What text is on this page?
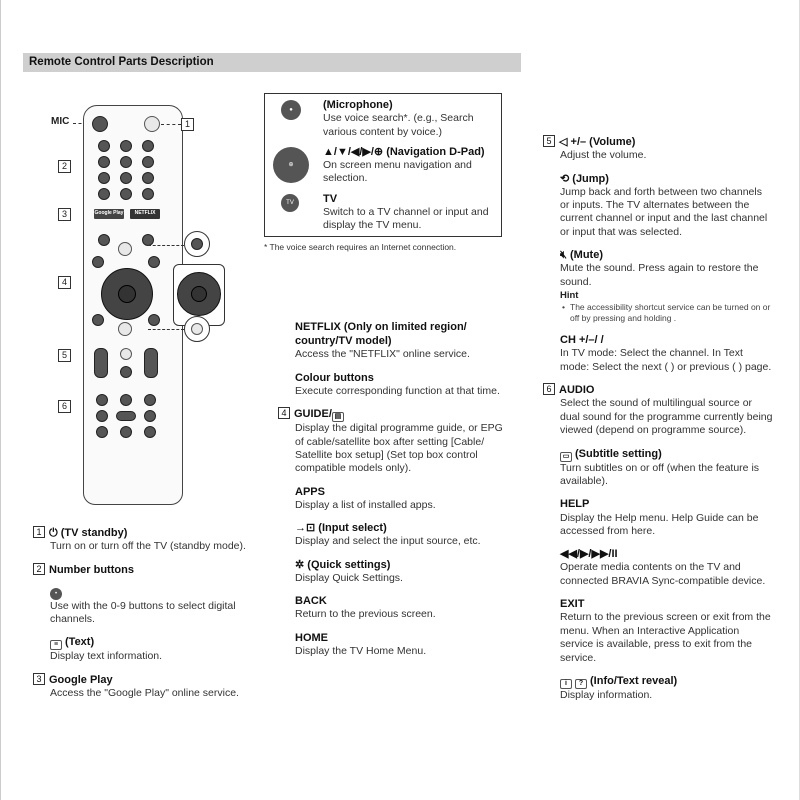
Remote Control Parts Description
MIC
Google Play	NETFLIX
1
2
3
4
5
6
●	(Microphone)
Use voice search*. (e.g., Search various content by voice.)
⊕
▲/▼/◀/▶/⊕ (Navigation D-Pad)
On screen menu navigation and selection.
TV	TV
Switch to a TV channel or input and display the TV menu.
* The voice search requires an Internet connection.
1 ⏻ (TV standby)
Turn on or turn off the TV (standby mode).
2 Number buttons
•
Use with the 0-9 buttons to select digital channels.
≡ (Text)
Display text information.
3 Google Play
Access the "Google Play" online service.
NETFLIX (Only on limited region/ country/TV model)
Access the "NETFLIX" online service.
Colour buttons
Execute corresponding function at that time.
4 GUIDE/ ▤
Display the digital programme guide, or EPG of cable/satellite box after setting [Cable/ Satellite box setup] (Set top box control compatible models only).
APPS
Display a list of installed apps.
→⊡ (Input select)
Display and select the input source, etc.
✲ (Quick settings)
Display Quick Settings.
BACK
Return to the previous screen.
HOME
Display the TV Home Menu.
5 ◁ +/– (Volume)
Adjust the volume.
⟲ (Jump)
Jump back and forth between two channels or inputs. The TV alternates between the current channel or input and the last channel or input that was selected.
🔇︎ (Mute)
Mute the sound. Press again to restore the sound.
Hint
• The accessibility shortcut service can be turned on or off by pressing and holding .
CH +/–/ /
In TV mode: Select the channel. In Text mode: Select the next ( ) or previous ( ) page.
6 AUDIO
Select the sound of multilingual source or dual sound for the programme currently being viewed (depend on programme source).
▭ (Subtitle setting)
Turn subtitles on or off (when the feature is available).
HELP
Display the Help menu. Help Guide can be accessed from here.
◀◀/▶/▶▶/II
Operate media contents on the TV and connected BRAVIA Sync-compatible device.
EXIT
Return to the previous screen or exit from the menu. When an Interactive Application service is available, press to exit from the service.
i ? (Info/Text reveal)
Display information.
